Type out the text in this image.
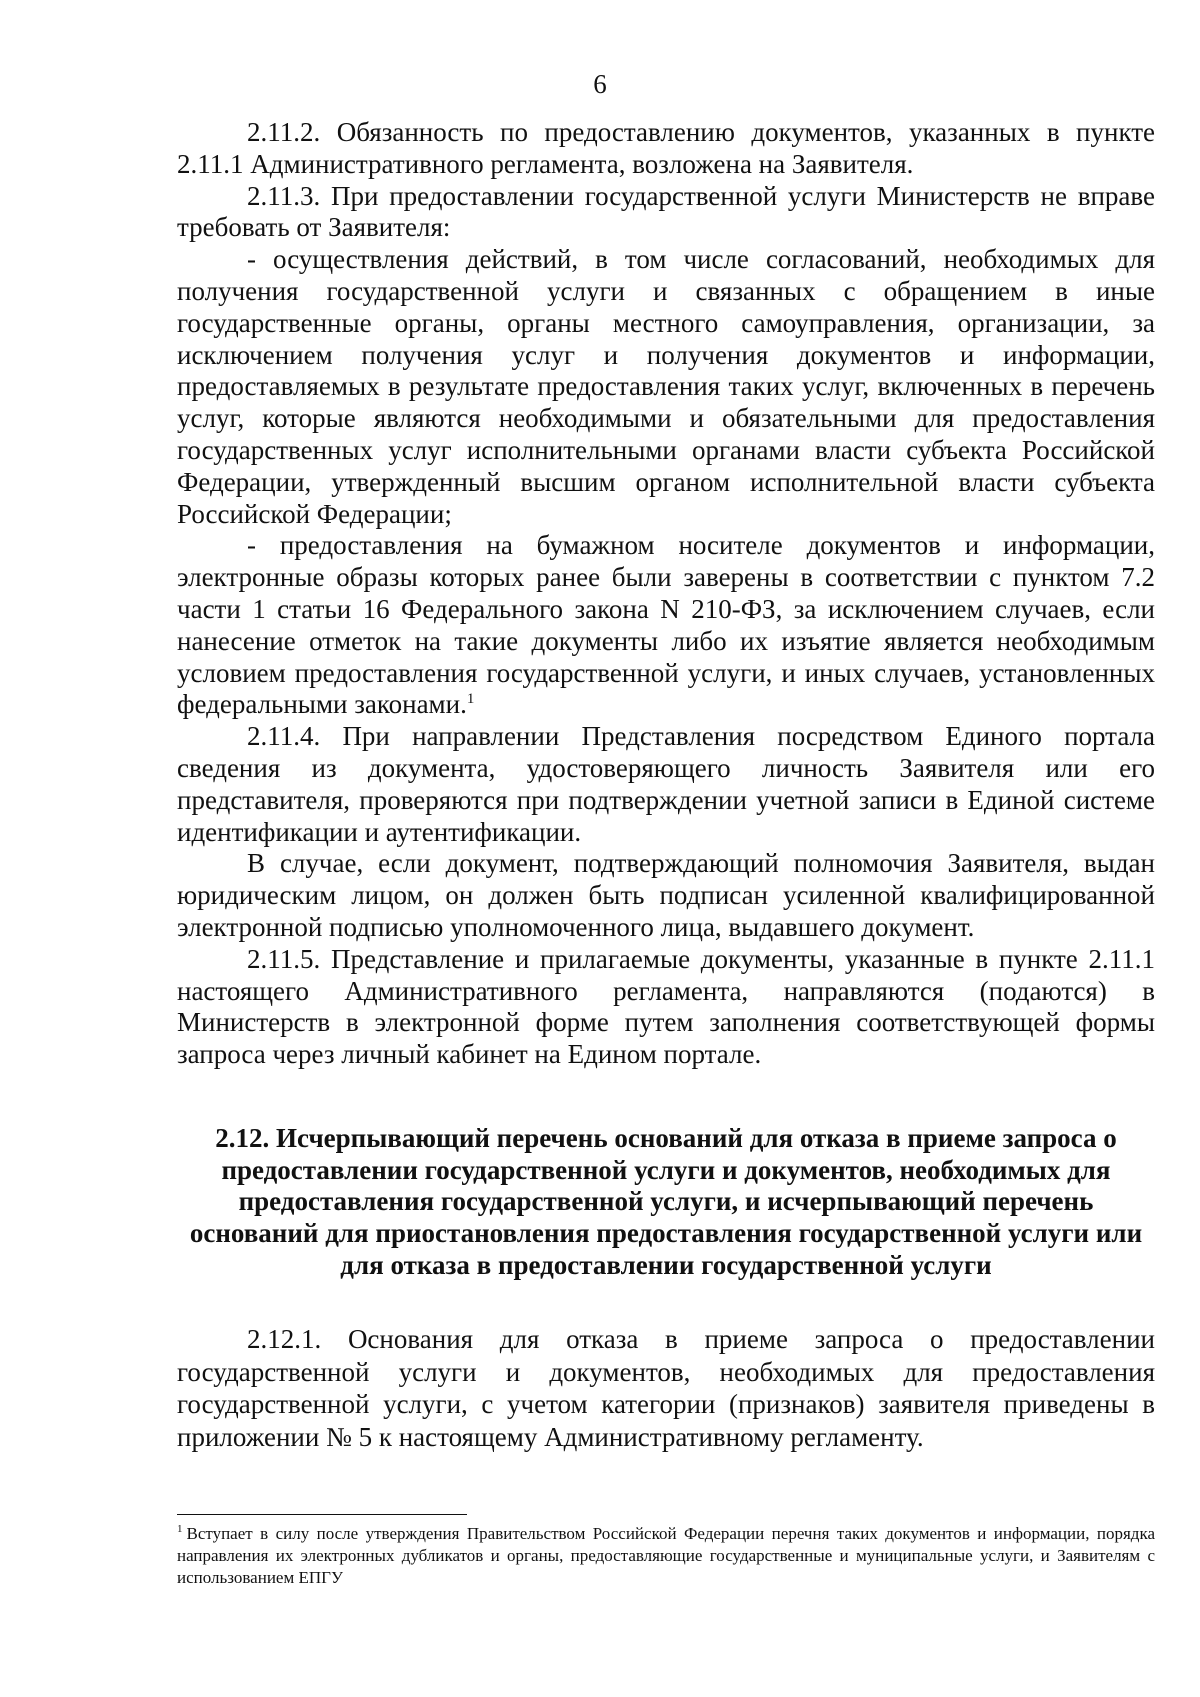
6

2.11.2. Обязанность по предоставлению документов, указанных в пункте 2.11.1 Административного регламента, возложена на Заявителя.

2.11.3. При предоставлении государственной услуги Министерств не вправе требовать от Заявителя:

- осуществления действий, в том числе согласований, необходимых для получения государственной услуги и связанных с обращением в иные государственные органы, органы местного самоуправления, организации, за исключением получения услуг и получения документов и информации, предоставляемых в результате предоставления таких услуг, включенных в перечень услуг, которые являются необходимыми и обязательными для предоставления государственных услуг исполнительными органами власти субъекта Российской Федерации, утвержденный высшим органом исполнительной власти субъекта Российской Федерации;

- предоставления на бумажном носителе документов и информации, электронные образы которых ранее были заверены в соответствии с пунктом 7.2 части 1 статьи 16 Федерального закона N 210-ФЗ, за исключением случаев, если нанесение отметок на такие документы либо их изъятие является необходимым условием предоставления государственной услуги, и иных случаев, установленных федеральными законами.$^1$

2.11.4. При направлении Представления посредством Единого портала сведения из документа, удостоверяющего личность Заявителя или его представителя, проверяются при подтверждении учетной записи в Единой системе идентификации и аутентификации.

В случае, если документ, подтверждающий полномочия Заявителя, выдан юридическим лицом, он должен быть подписан усиленной квалифицированной электронной подписью уполномоченного лица, выдавшего документ.

2.11.5. Представление и прилагаемые документы, указанные в пункте 2.11.1 настоящего Административного регламента, направляются (подаются) в Министерств в электронной форме путем заполнения соответствующей формы запроса через личный кабинет на Едином портале.

2.12. Исчерпывающий перечень оснований для отказа в приеме запроса о предоставлении государственной услуги и документов, необходимых для предоставления государственной услуги, и исчерпывающий перечень оснований для приостановления предоставления государственной услуги или для отказа в предоставлении государственной услуги

2.12.1. Основания для отказа в приеме запроса о предоставлении государственной услуги и документов, необходимых для предоставления государственной услуги, с учетом категории (признаков) заявителя приведены в приложении № 5 к настоящему Административному регламенту.

$^1$ Вступает в силу после утверждения Правительством Российской Федерации перечня таких документов и информации, порядка направления их электронных дубликатов и органы, предоставляющие государственные и муниципальные услуги, и Заявителям с использованием ЕПГУ
